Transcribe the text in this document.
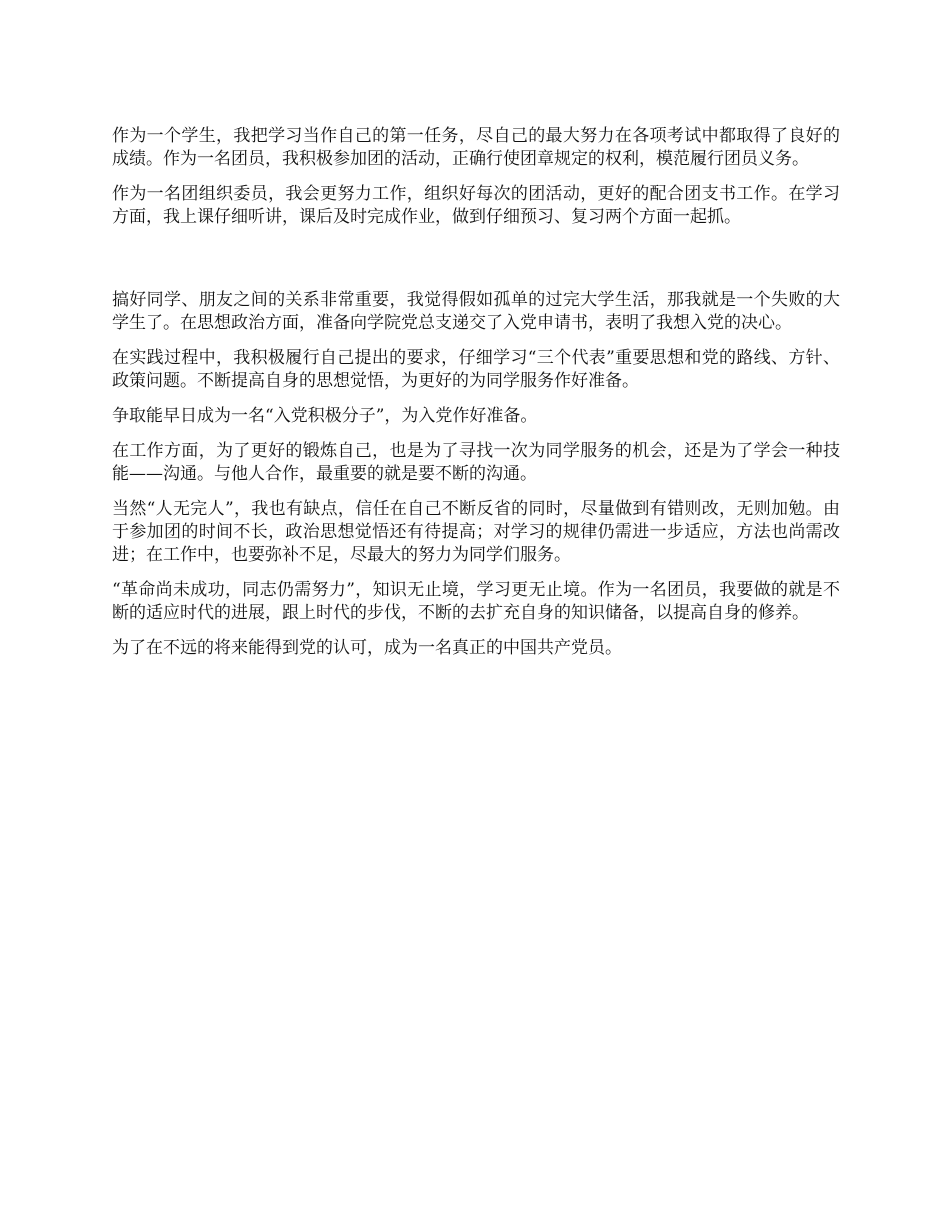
作为一个学生，我把学习当作自己的第一任务，尽自己的最大努力在各项考试中都取得了良好的成绩。作为一名团员，我积极参加团的活动，正确行使团章规定的权利，模范履行团员义务。

作为一名团组织委员，我会更努力工作，组织好每次的团活动，更好的配合团支书工作。在学习方面，我上课仔细听讲，课后及时完成作业，做到仔细预习、复习两个方面一起抓。

搞好同学、朋友之间的关系非常重要，我觉得假如孤单的过完大学生活，那我就是一个失败的大学生了。在思想政治方面，准备向学院党总支递交了入党申请书，表明了我想入党的决心。

在实践过程中，我积极履行自己提出的要求，仔细学习“三个代表”重要思想和党的路线、方针、政策问题。不断提高自身的思想觉悟，为更好的为同学服务作好准备。

争取能早日成为一名“入党积极分子”，为入党作好准备。

在工作方面，为了更好的锻炼自己，也是为了寻找一次为同学服务的机会，还是为了学会一种技能——沟通。与他人合作，最重要的就是要不断的沟通。

当然“人无完人”，我也有缺点，信任在自己不断反省的同时，尽量做到有错则改，无则加勉。由于参加团的时间不长，政治思想觉悟还有待提高；对学习的规律仍需进一步适应，方法也尚需改进；在工作中，也要弥补不足，尽最大的努力为同学们服务。

“革命尚未成功，同志仍需努力”，知识无止境，学习更无止境。作为一名团员，我要做的就是不断的适应时代的进展，跟上时代的步伐，不断的去扩充自身的知识储备，以提高自身的修养。

为了在不远的将来能得到党的认可，成为一名真正的中国共产党员。
